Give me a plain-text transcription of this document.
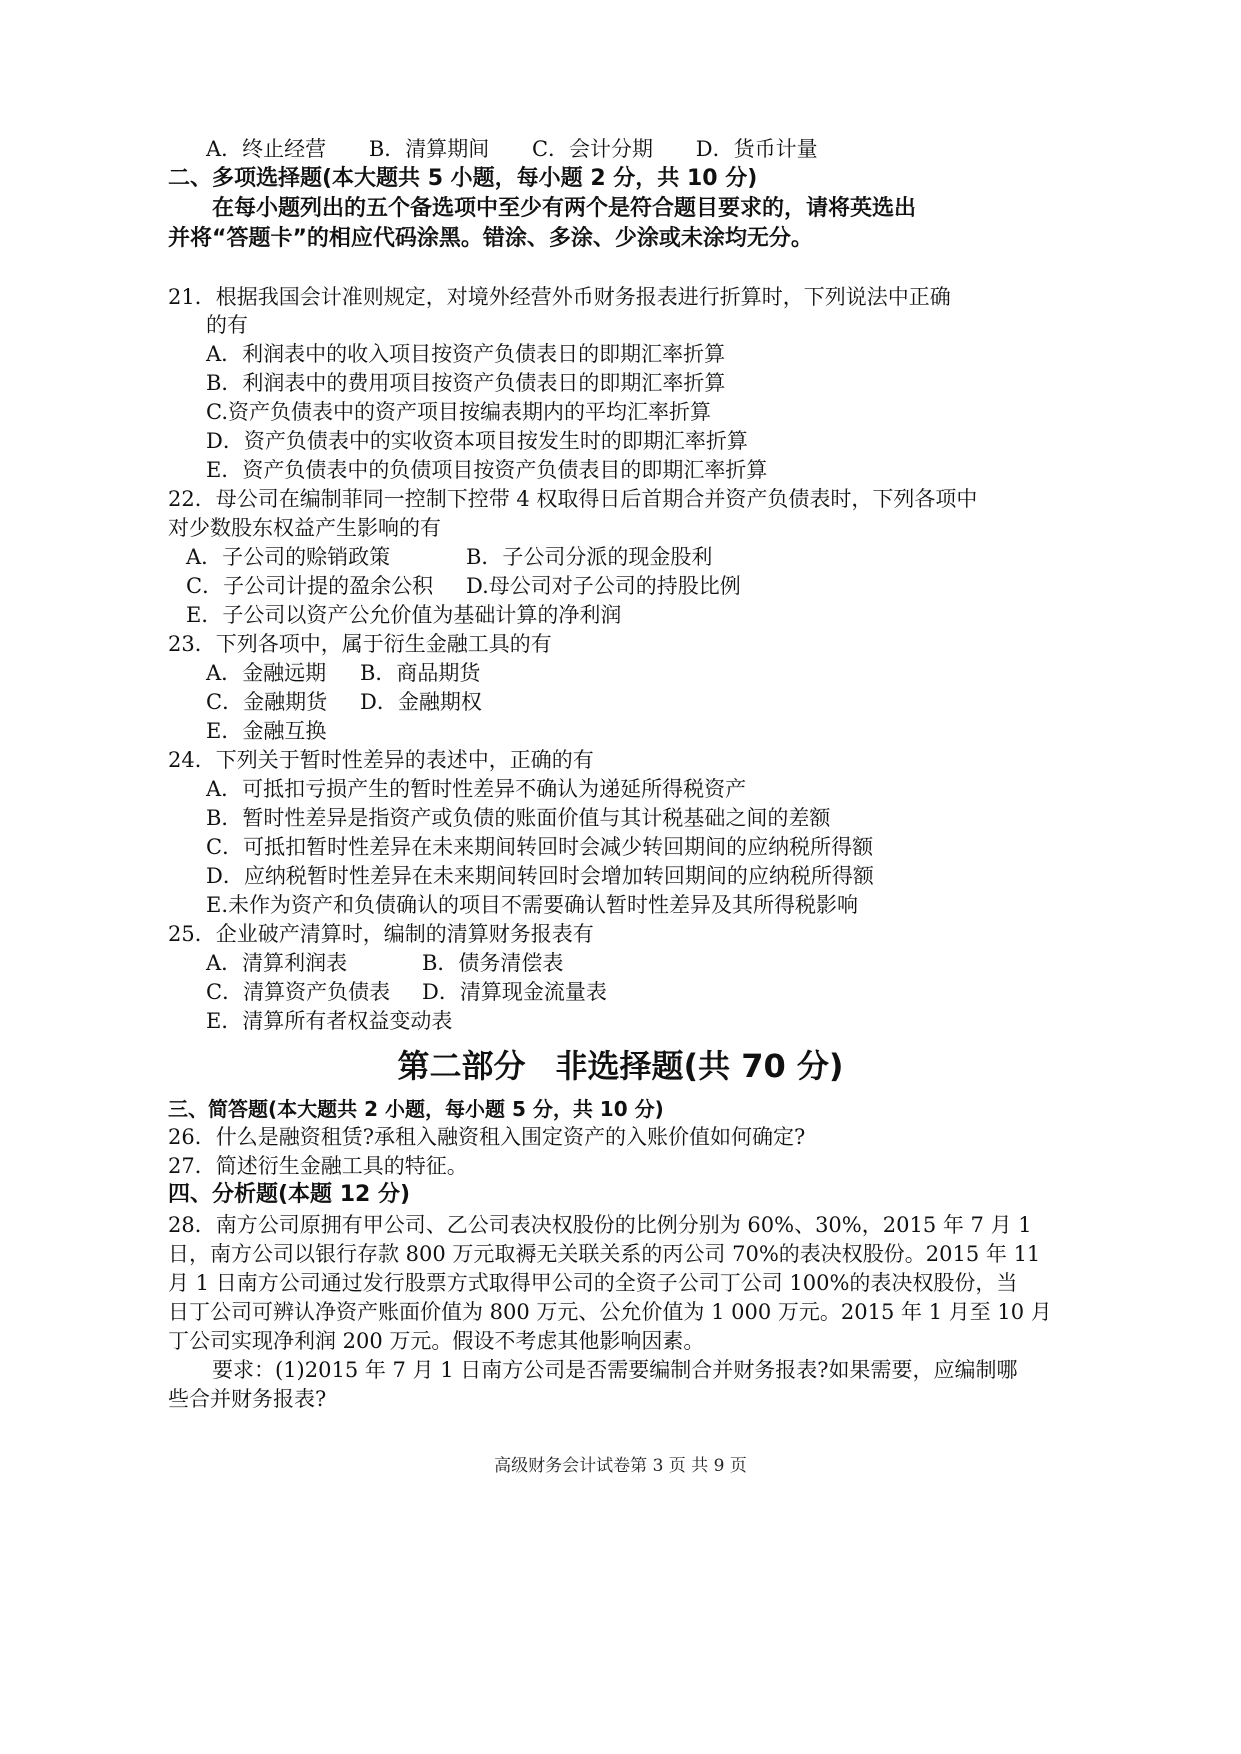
A．终止经营 B．清算期间 C．会计分期 D．货币计量
二、多项选择题(本大题共 5 小题，每小题 2 分，共 10 分)
在每小题列出的五个备选项中至少有两个是符合题目要求的，请将英选出
并将“答题卡”的相应代码涂黑。错涂、多涂、少涂或未涂均无分。
21．根据我国会计准则规定，对境外经营外币财务报表进行折算时，下列说法中正确
的有
A．利润表中的收入项目按资产负债表日的即期汇率折算
B．利润表中的费用项目按资产负债表日的即期汇率折算
C.资产负债表中的资产项目按编表期内的平均汇率折算
D．资产负债表中的实收资本项目按发生时的即期汇率折算
E．资产负债表中的负债项目按资产负债表目的即期汇率折算
22．母公司在编制菲同一控制下控带 4 权取得日后首期合并资产负债表时，下列各项中
对少数股东权益产生影响的有
A．子公司的赊销政策	B．子公司分派的现金股利
C．子公司计提的盈余公积 D.母公司对子公司的持股比例
E．子公司以资产公允价值为基础计算的净利润
23．下列各项中，属于衍生金融工具的有
A．金融远期 B．商品期货
C．金融期货 D．金融期权
E．金融互换
24．下列关于暂时性差异的表述中，正确的有
A．可抵扣亏损产生的暂时性差异不确认为递延所得税资产
B．暂时性差异是指资产或负债的账面价值与其计税基础之间的差额
C．可抵扣暂时性差异在未来期间转回时会减少转回期间的应纳税所得额
D．应纳税暂时性差异在未来期间转回时会增加转回期间的应纳税所得额
E.未作为资产和负债确认的项目不需要确认暂时性差异及其所得税影响
25．企业破产清算时，编制的清算财务报表有
A．清算利润表	B．债务清偿表
C．清算资产负债表 D．清算现金流量表
E．清算所有者权益变动表
第二部分 非选择题(共 70 分)
三、简答题(本大题共 2 小题，每小题 5 分，共 10 分)
26．什么是融资租赁?承租入融资租入围定资产的入账价值如何确定?
27．简述衍生金融工具的特征。
四、分析题(本题 12 分)
28．南方公司原拥有甲公司、乙公司表决权股份的比例分别为 60%、30%，2015 年 7 月 1
日，南方公司以银行存款 800 万元取褥无关联关系的丙公司 70%的表决权股份。2015 年 11
月 1 日南方公司通过发行股票方式取得甲公司的全资子公司丁公司 100%的表决权股份，当
日丁公司可辨认净资产账面价值为 800 万元、公允价值为 1 000 万元。2015 年 1 月至 10 月
丁公司实现净利润 200 万元。假设不考虑其他影响因素。
要求：(1)2015 年 7 月 1 日南方公司是否需要编制合并财务报表?如果需要，应编制哪
些合并财务报表?
高级财务会计试卷第 3 页 共 9 页
